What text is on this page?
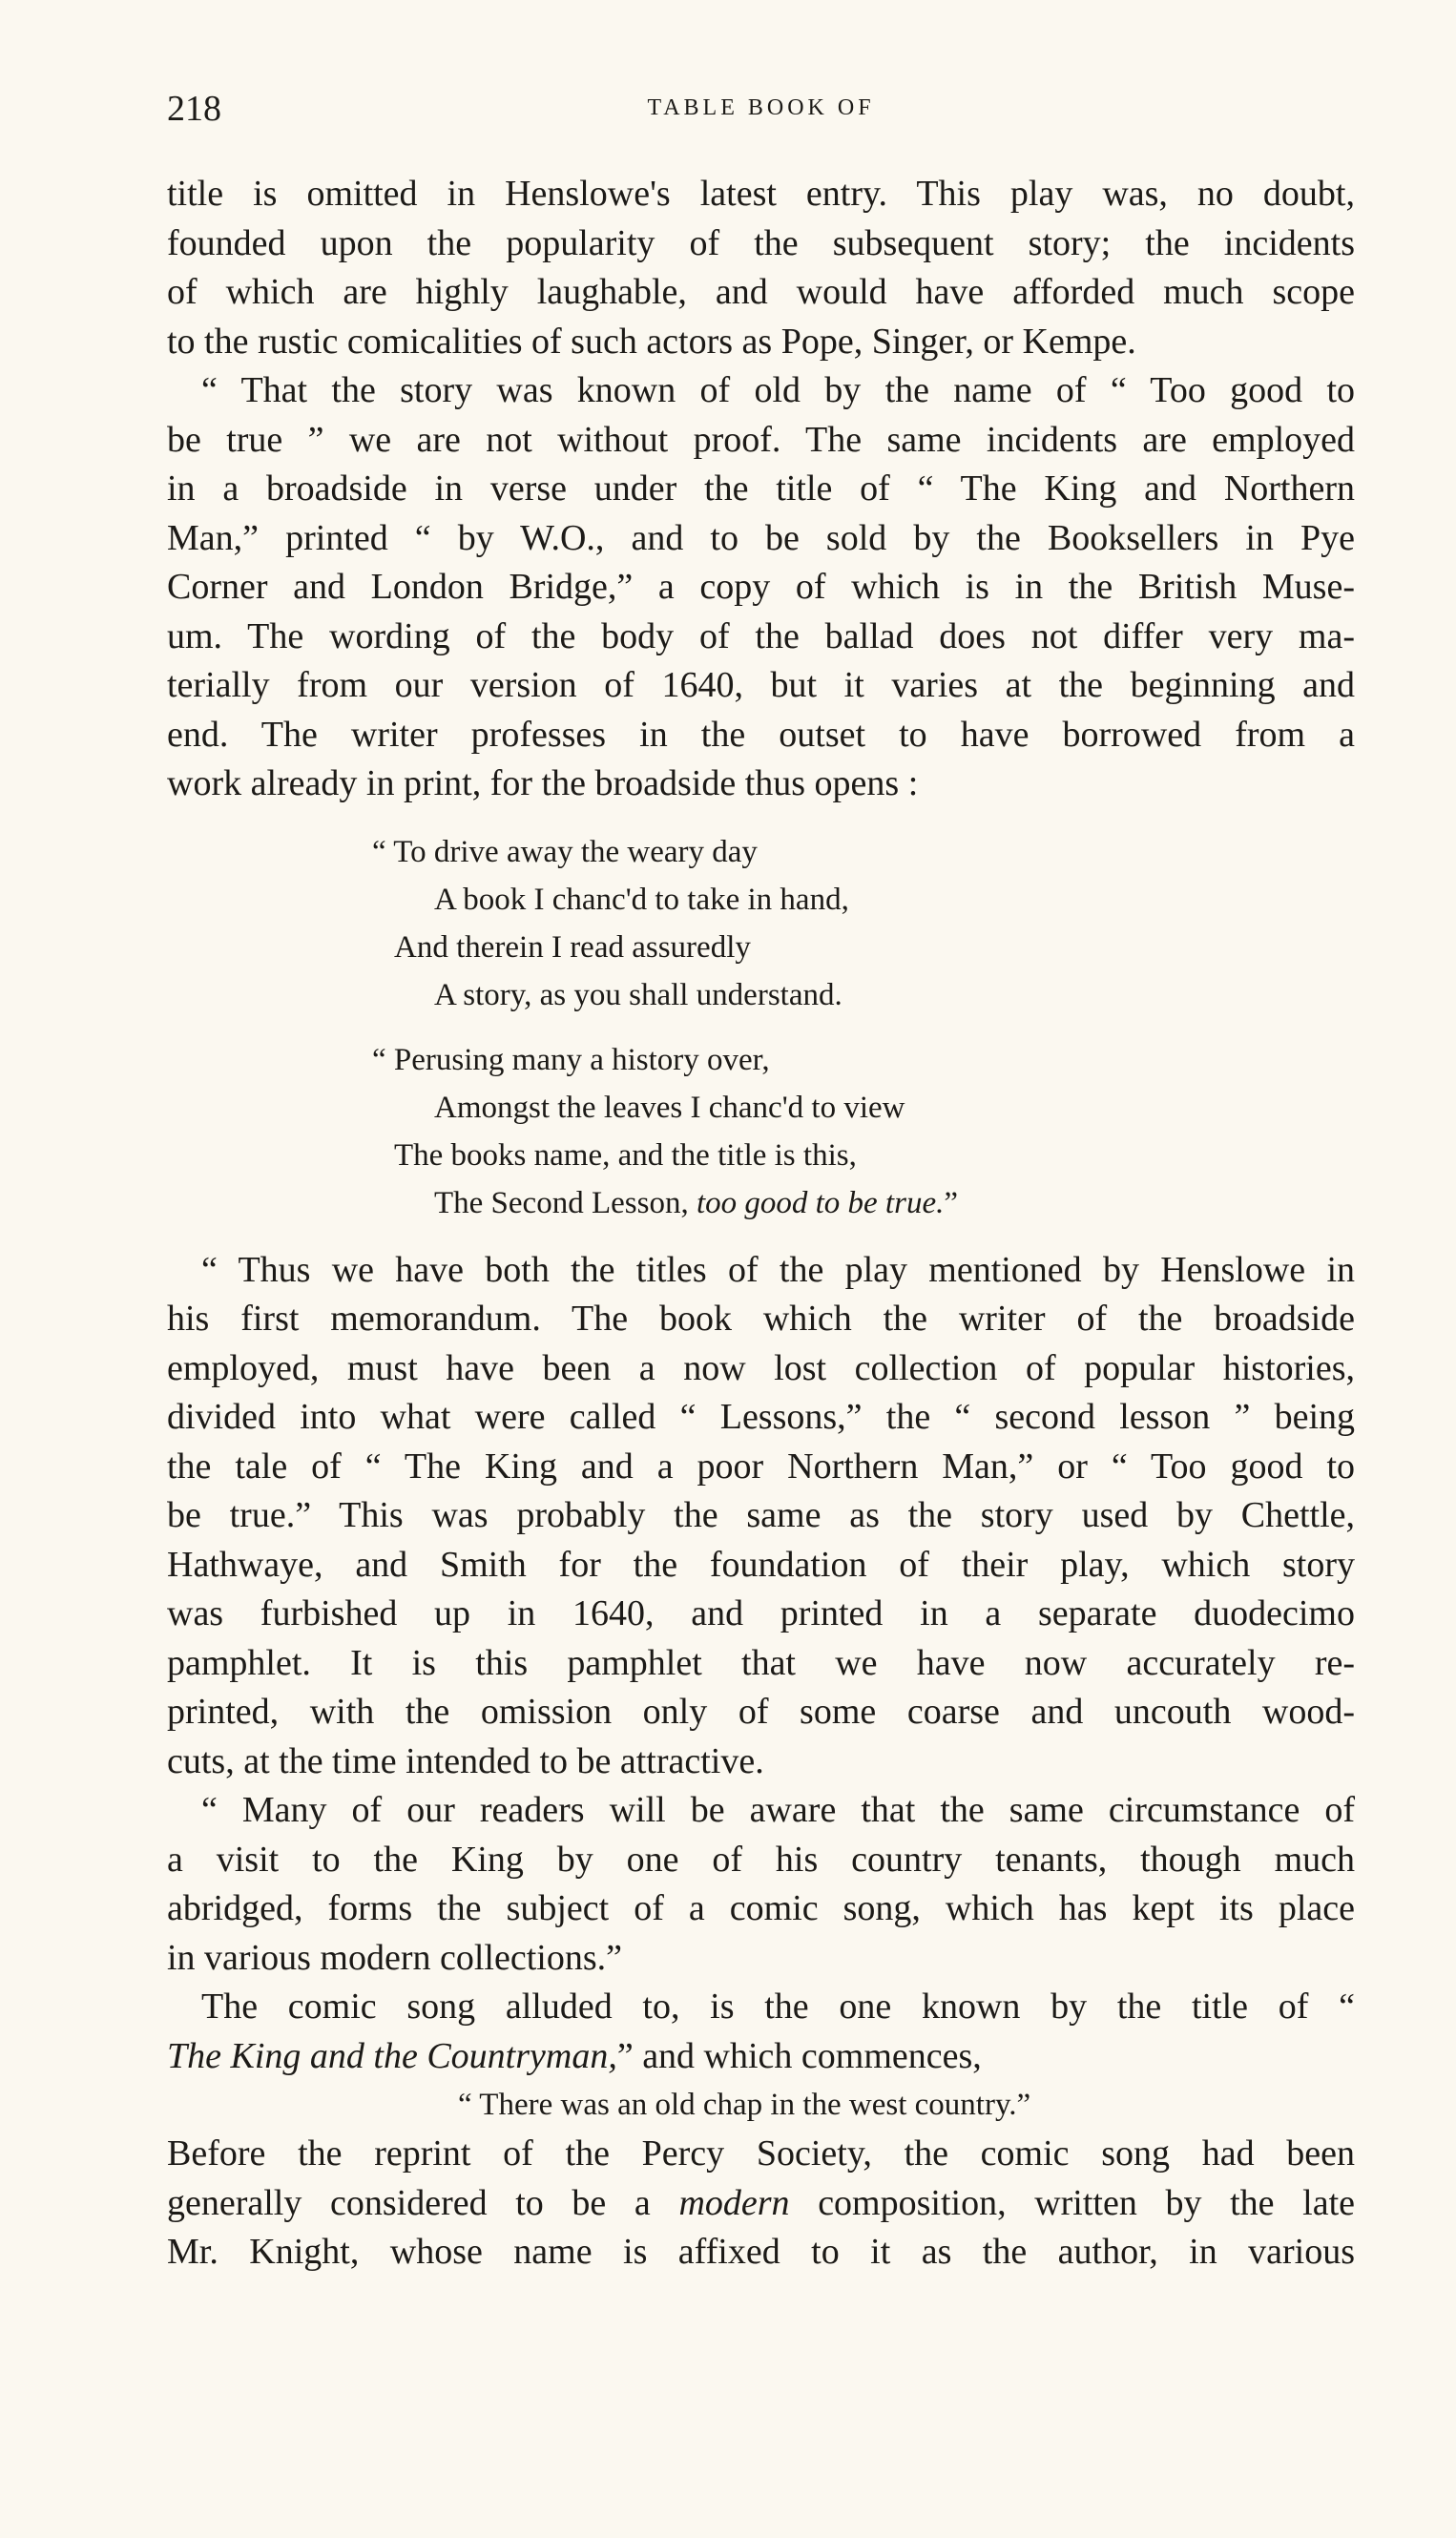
218	TABLE BOOK OF
title is omitted in Henslowe's latest entry. This play was, no doubt,
founded upon the popularity of the subsequent story; the incidents
of which are highly laughable, and would have afforded much scope
to the rustic comicalities of such actors as Pope, Singer, or Kempe.
“ That the story was known of old by the name of “ Too good to
be true ” we are not without proof. The same incidents are employed
in a broadside in verse under the title of “ The King and Northern
Man,” printed “ by W.O., and to be sold by the Booksellers in Pye
Corner and London Bridge,” a copy of which is in the British Muse-
um. The wording of the body of the ballad does not differ very ma-
terially from our version of 1640, but it varies at the beginning and
end. The writer professes in the outset to have borrowed from a
work already in print, for the broadside thus opens :
“ To drive away the weary day
A book I chanc'd to take in hand,
And therein I read assuredly
A story, as you shall understand.
“ Perusing many a history over,
Amongst the leaves I chanc'd to view
The books name, and the title is this,
The Second Lesson, too good to be true.”
“ Thus we have both the titles of the play mentioned by Henslowe in
his first memorandum. The book which the writer of the broadside
employed, must have been a now lost collection of popular histories,
divided into what were called “ Lessons,” the “ second lesson ” being
the tale of “ The King and a poor Northern Man,” or “ Too good to
be true.” This was probably the same as the story used by Chettle,
Hathwaye, and Smith for the foundation of their play, which story
was furbished up in 1640, and printed in a separate duodecimo
pamphlet. It is this pamphlet that we have now accurately re-
printed, with the omission only of some coarse and uncouth wood-
cuts, at the time intended to be attractive.
“ Many of our readers will be aware that the same circumstance of
a visit to the King by one of his country tenants, though much
abridged, forms the subject of a comic song, which has kept its place
in various modern collections.”
The comic song alluded to, is the one known by the title of “
The King and the Countryman,” and which commences,
“ There was an old chap in the west country.”
Before the reprint of the Percy Society, the comic song had been
generally considered to be a modern composition, written by the late
Mr. Knight, whose name is affixed to it as the author, in various
